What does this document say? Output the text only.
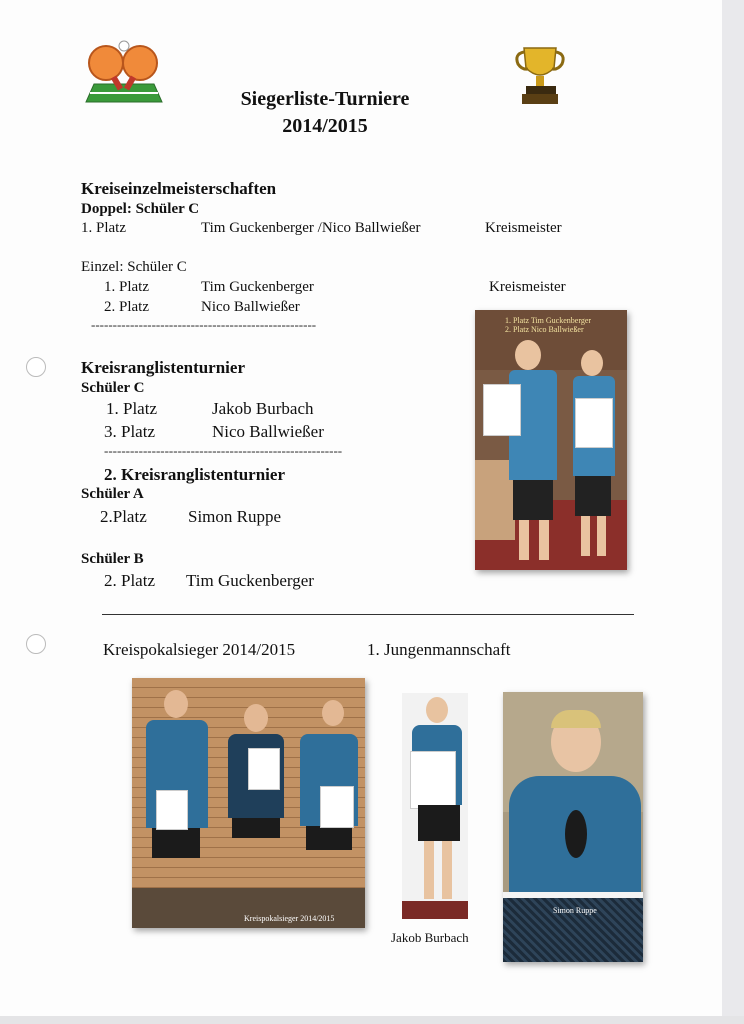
Siegerliste-Turniere
2014/2015
Kreiseinzelmeisterschaften
Doppel: Schüler C
1. Platz	Tim Guckenberger /Nico Ballwießer	Kreismeister
Einzel: Schüler C
1. Platz	Tim Guckenberger	Kreismeister
2. Platz	Nico Ballwießer
----------------------------------------------------
Kreisranglistenturnier
Schüler C
1. Platz	Jakob Burbach
3. Platz	Nico Ballwießer
-------------------------------------------------------
2. Kreisranglistenturnier
Schüler A
2.Platz Simon Ruppe
Schüler B
2. Platz Tim Guckenberger
1. Platz Tim Guckenberger
2. Platz Nico Ballwießer
Kreispokalsieger 2014/2015	1. Jungenmannschaft
Kreispokalsieger 2014/2015
Jakob Burbach
Simon Ruppe
